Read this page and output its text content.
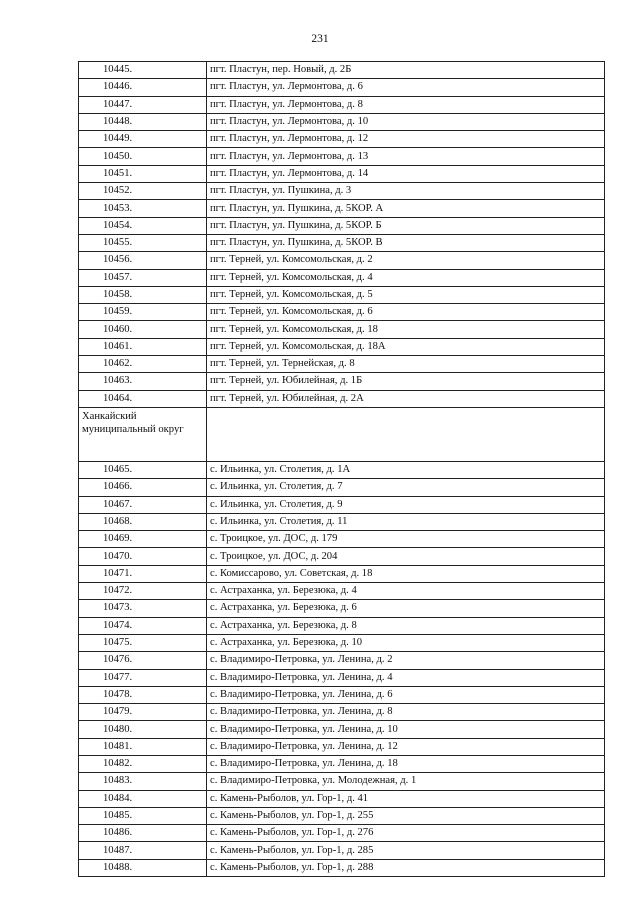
231
10445.	пгт. Пластун, пер. Новый, д. 2Б
10446.	пгт. Пластун, ул. Лермонтова, д. 6
10447.	пгт. Пластун, ул. Лермонтова, д. 8
10448.	пгт. Пластун, ул. Лермонтова, д. 10
10449.	пгт. Пластун, ул. Лермонтова, д. 12
10450.	пгт. Пластун, ул. Лермонтова, д. 13
10451.	пгт. Пластун, ул. Лермонтова, д. 14
10452.	пгт. Пластун, ул. Пушкина, д. 3
10453.	пгт. Пластун, ул. Пушкина, д. 5КОР. А
10454.	пгт. Пластун, ул. Пушкина, д. 5КОР. Б
10455.	пгт. Пластун, ул. Пушкина, д. 5КОР. В
10456.	пгт. Терней, ул. Комсомольская, д. 2
10457.	пгт. Терней, ул. Комсомольская, д. 4
10458.	пгт. Терней, ул. Комсомольская, д. 5
10459.	пгт. Терней, ул. Комсомольская, д. 6
10460.	пгт. Терней, ул. Комсомольская, д. 18
10461.	пгт. Терней, ул. Комсомольская, д. 18А
10462.	пгт. Терней, ул. Тернейская, д. 8
10463.	пгт. Терней, ул. Юбилейная, д. 1Б
10464.	пгт. Терней, ул. Юбилейная, д. 2А
Ханкайский муниципальный округ	
10465.	с. Ильинка, ул. Столетия, д. 1А
10466.	с. Ильинка, ул. Столетия, д. 7
10467.	с. Ильинка, ул. Столетия, д. 9
10468.	с. Ильинка, ул. Столетия, д. 11
10469.	с. Троицкое, ул. ДОС, д. 179
10470.	с. Троицкое, ул. ДОС, д. 204
10471.	с. Комиссарово, ул. Советская, д. 18
10472.	с. Астраханка, ул. Березюка, д. 4
10473.	с. Астраханка, ул. Березюка, д. 6
10474.	с. Астраханка, ул. Березюка, д. 8
10475.	с. Астраханка, ул. Березюка, д. 10
10476.	с. Владимиро-Петровка, ул. Ленина, д. 2
10477.	с. Владимиро-Петровка, ул. Ленина, д. 4
10478.	с. Владимиро-Петровка, ул. Ленина, д. 6
10479.	с. Владимиро-Петровка, ул. Ленина, д. 8
10480.	с. Владимиро-Петровка, ул. Ленина, д. 10
10481.	с. Владимиро-Петровка, ул. Ленина, д. 12
10482.	с. Владимиро-Петровка, ул. Ленина, д. 18
10483.	с. Владимиро-Петровка, ул. Молодежная, д. 1
10484.	с. Камень-Рыболов, ул. Гор-1, д. 41
10485.	с. Камень-Рыболов, ул. Гор-1, д. 255
10486.	с. Камень-Рыболов, ул. Гор-1, д. 276
10487.	с. Камень-Рыболов, ул. Гор-1, д. 285
10488.	с. Камень-Рыболов, ул. Гор-1, д. 288
